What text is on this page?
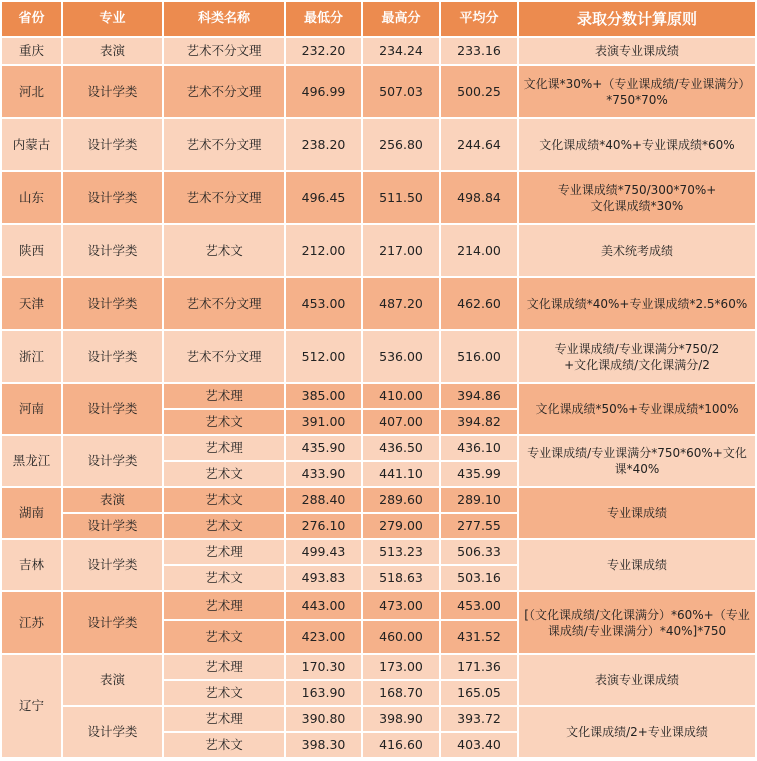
省份	专业	科类名称	最低分	最高分	平均分	录取分数计算原则
重庆	表演	艺术不分文理	232.20	234.24	233.16	表演专业课成绩
河北	设计学类	艺术不分文理	496.99	507.03	500.25	文化课*30%+（专业课成绩/专业课满分）*750*70%
内蒙古	设计学类	艺术不分文理	238.20	256.80	244.64	文化课成绩*40%+专业课成绩*60%
山东	设计学类	艺术不分文理	496.45	511.50	498.84	专业课成绩*750/300*70%+
文化课成绩*30%
陕西	设计学类	艺术文	212.00	217.00	214.00	美术统考成绩
天津	设计学类	艺术不分文理	453.00	487.20	462.60	文化课成绩*40%+专业课成绩*2.5*60%
浙江	设计学类	艺术不分文理	512.00	536.00	516.00	专业课成绩/专业课满分*750/2
+文化课成绩/文化课满分/2
河南	设计学类	艺术理	385.00	410.00	394.86	文化课成绩*50%+专业课成绩*100%
		艺术文	391.00	407.00	394.82	
黑龙江	设计学类	艺术理	435.90	436.50	436.10	专业课成绩/专业课满分*750*60%+文化课*40%
		艺术文	433.90	441.10	435.99	
湖南	表演	艺术文	288.40	289.60	289.10	专业课成绩
	设计学类	艺术文	276.10	279.00	277.55	
吉林	设计学类	艺术理	499.43	513.23	506.33	专业课成绩
		艺术文	493.83	518.63	503.16	
江苏	设计学类	艺术理	443.00	473.00	453.00	[（文化课成绩/文化课满分）*60%+（专业课成绩/专业课满分）*40%]*750
		艺术文	423.00	460.00	431.52	
辽宁	表演	艺术理	170.30	173.00	171.36	表演专业课成绩
		艺术文	163.90	168.70	165.05	
	设计学类	艺术理	390.80	398.90	393.72	文化课成绩/2+专业课成绩
		艺术文	398.30	416.60	403.40	
